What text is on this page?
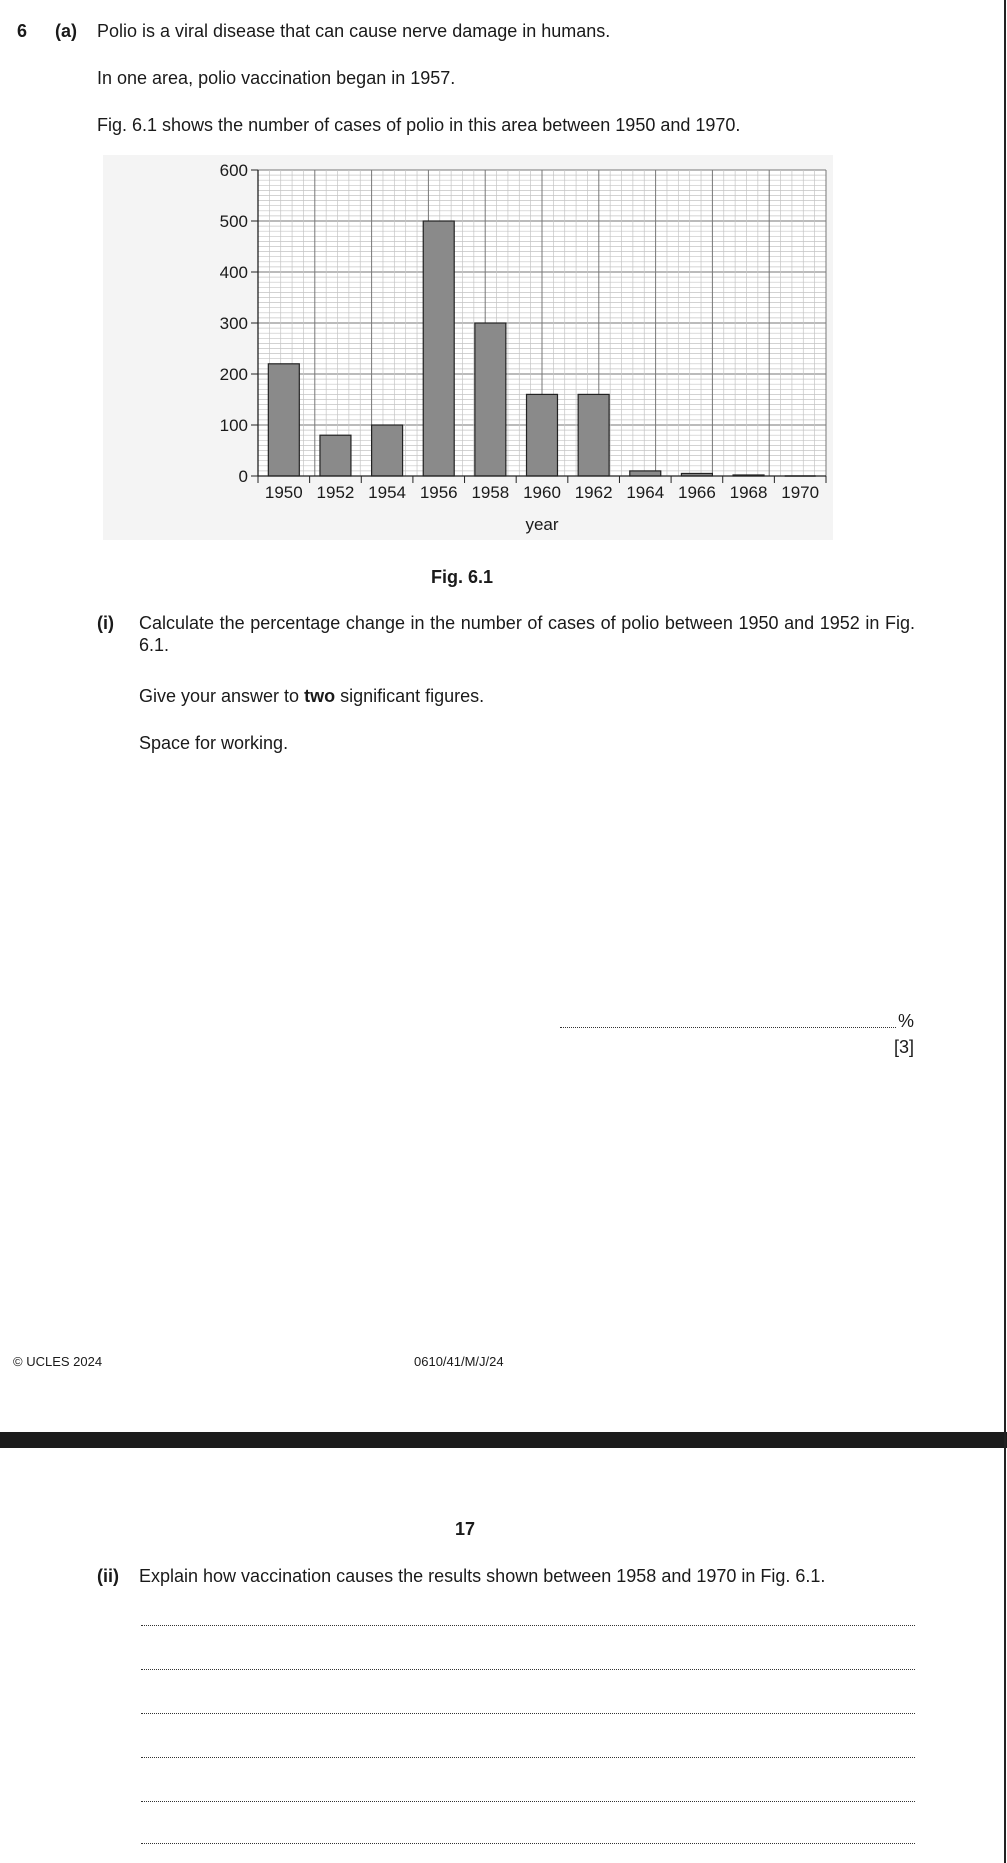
6 (a) Polio is a viral disease that can cause nerve damage in humans.
In one area, polio vaccination began in 1957.
Fig. 6.1 shows the number of cases of polio in this area between 1950 and 1970.
1950 1952 1954 1956 1958 1960 1962 1964 1966 1968 1970
0
100
200
300
400
500
600
year
Fig. 6.1
(i) Calculate the percentage change in the number of cases of polio between 1950 and 1952 in Fig. 6.1.
Give your answer to two significant figures.
Space for working.
%
[3]
© UCLES 2024	0610/41/M/J/24
17
(ii) Explain how vaccination causes the results shown between 1958 and 1970 in Fig. 6.1.
